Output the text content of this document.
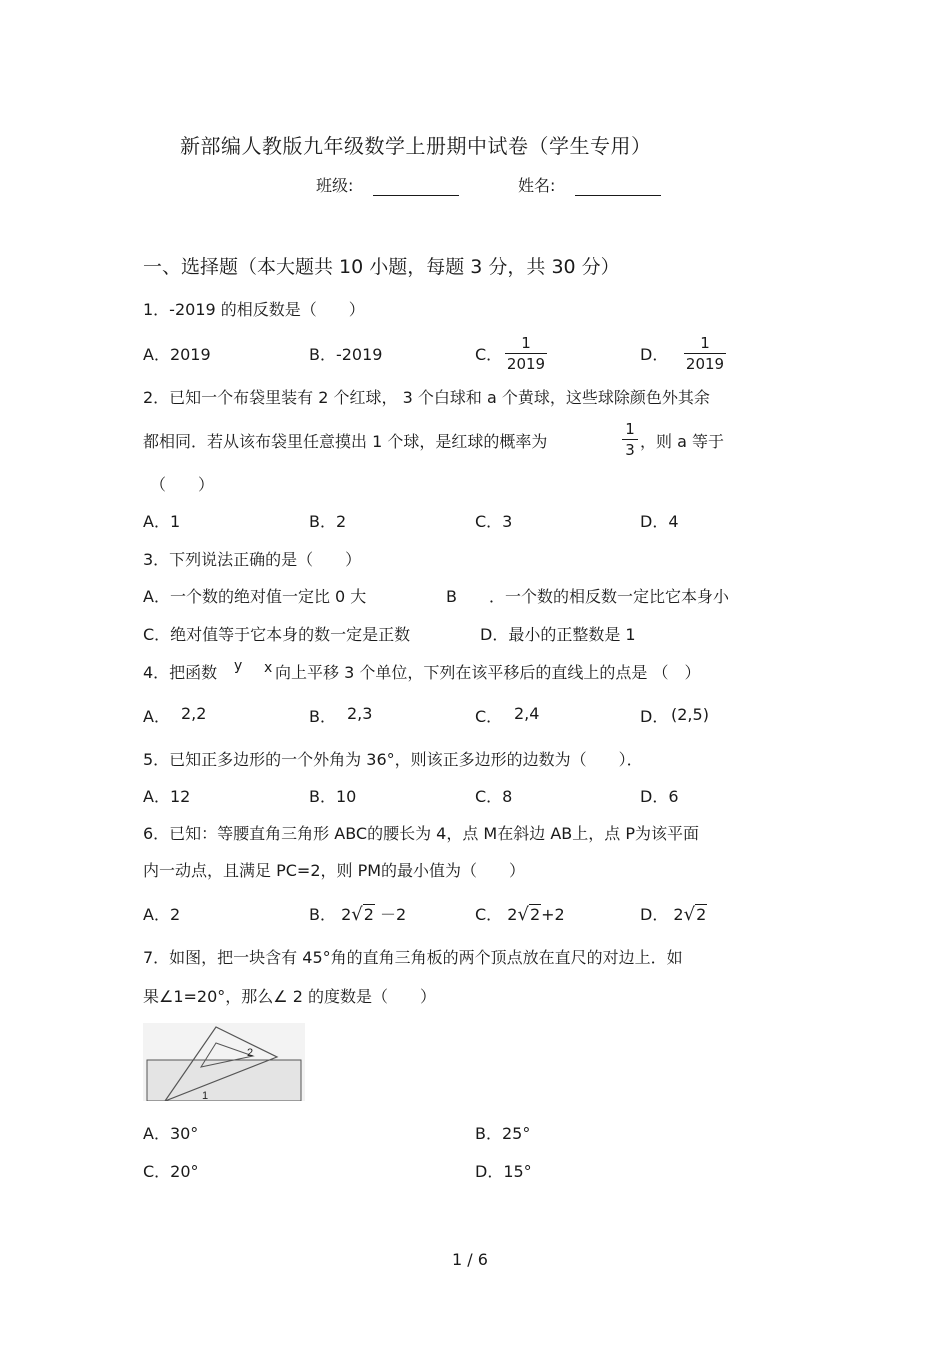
新部编人教版九年级数学上册期中试卷（学生专用）
班级:	姓名:
一、选择题（本大题共 10 小题，每题 3 分，共 30 分）
1．-2019 的相反数是（　　）
A．2019	B．-2019	C．
1
2019	D．
1
2019
2．已知一个布袋里装有 2 个红球， 3 个白球和 a 个黄球，这些球除颜色外其余
都相同．若从该布袋里任意摸出 1 个球，是红球的概率为
1
3 ，则 a 等于
（　　）
A．1	B．2	C．3	D．4
3．下列说法正确的是（　　）
A．一个数的绝对值一定比 0 大	B　　．一个数的相反数一定比它本身小
C．绝对值等于它本身的数一定是正数	D．最小的正整数是 1
4．把函数 y x 向上平移 3 个单位，下列在该平移后的直线上的点是 （　）
A． 2,2	B． 2,3	C． 2,4	D． (2,5)
5．已知正多边形的一个外角为 36°，则该正多边形的边数为（　　）．
A．12	B．10	C．8	D．6
6．已知：等腰直角三角形 ABC的腰长为 4，点 M在斜边 AB上，点 P为该平面
内一动点，且满足 PC=2，则 PM的最小值为（　　）
A．2	B． 2√2 －2	C． 2√2+2	D． 2√2
7．如图，把一块含有 45°角的直角三角板的两个顶点放在直尺的对边上．如
果∠1=20°，那么∠ 2 的度数是（　　）
2
1
A．30°	B．25°
C．20°	D．15°
1 / 6
